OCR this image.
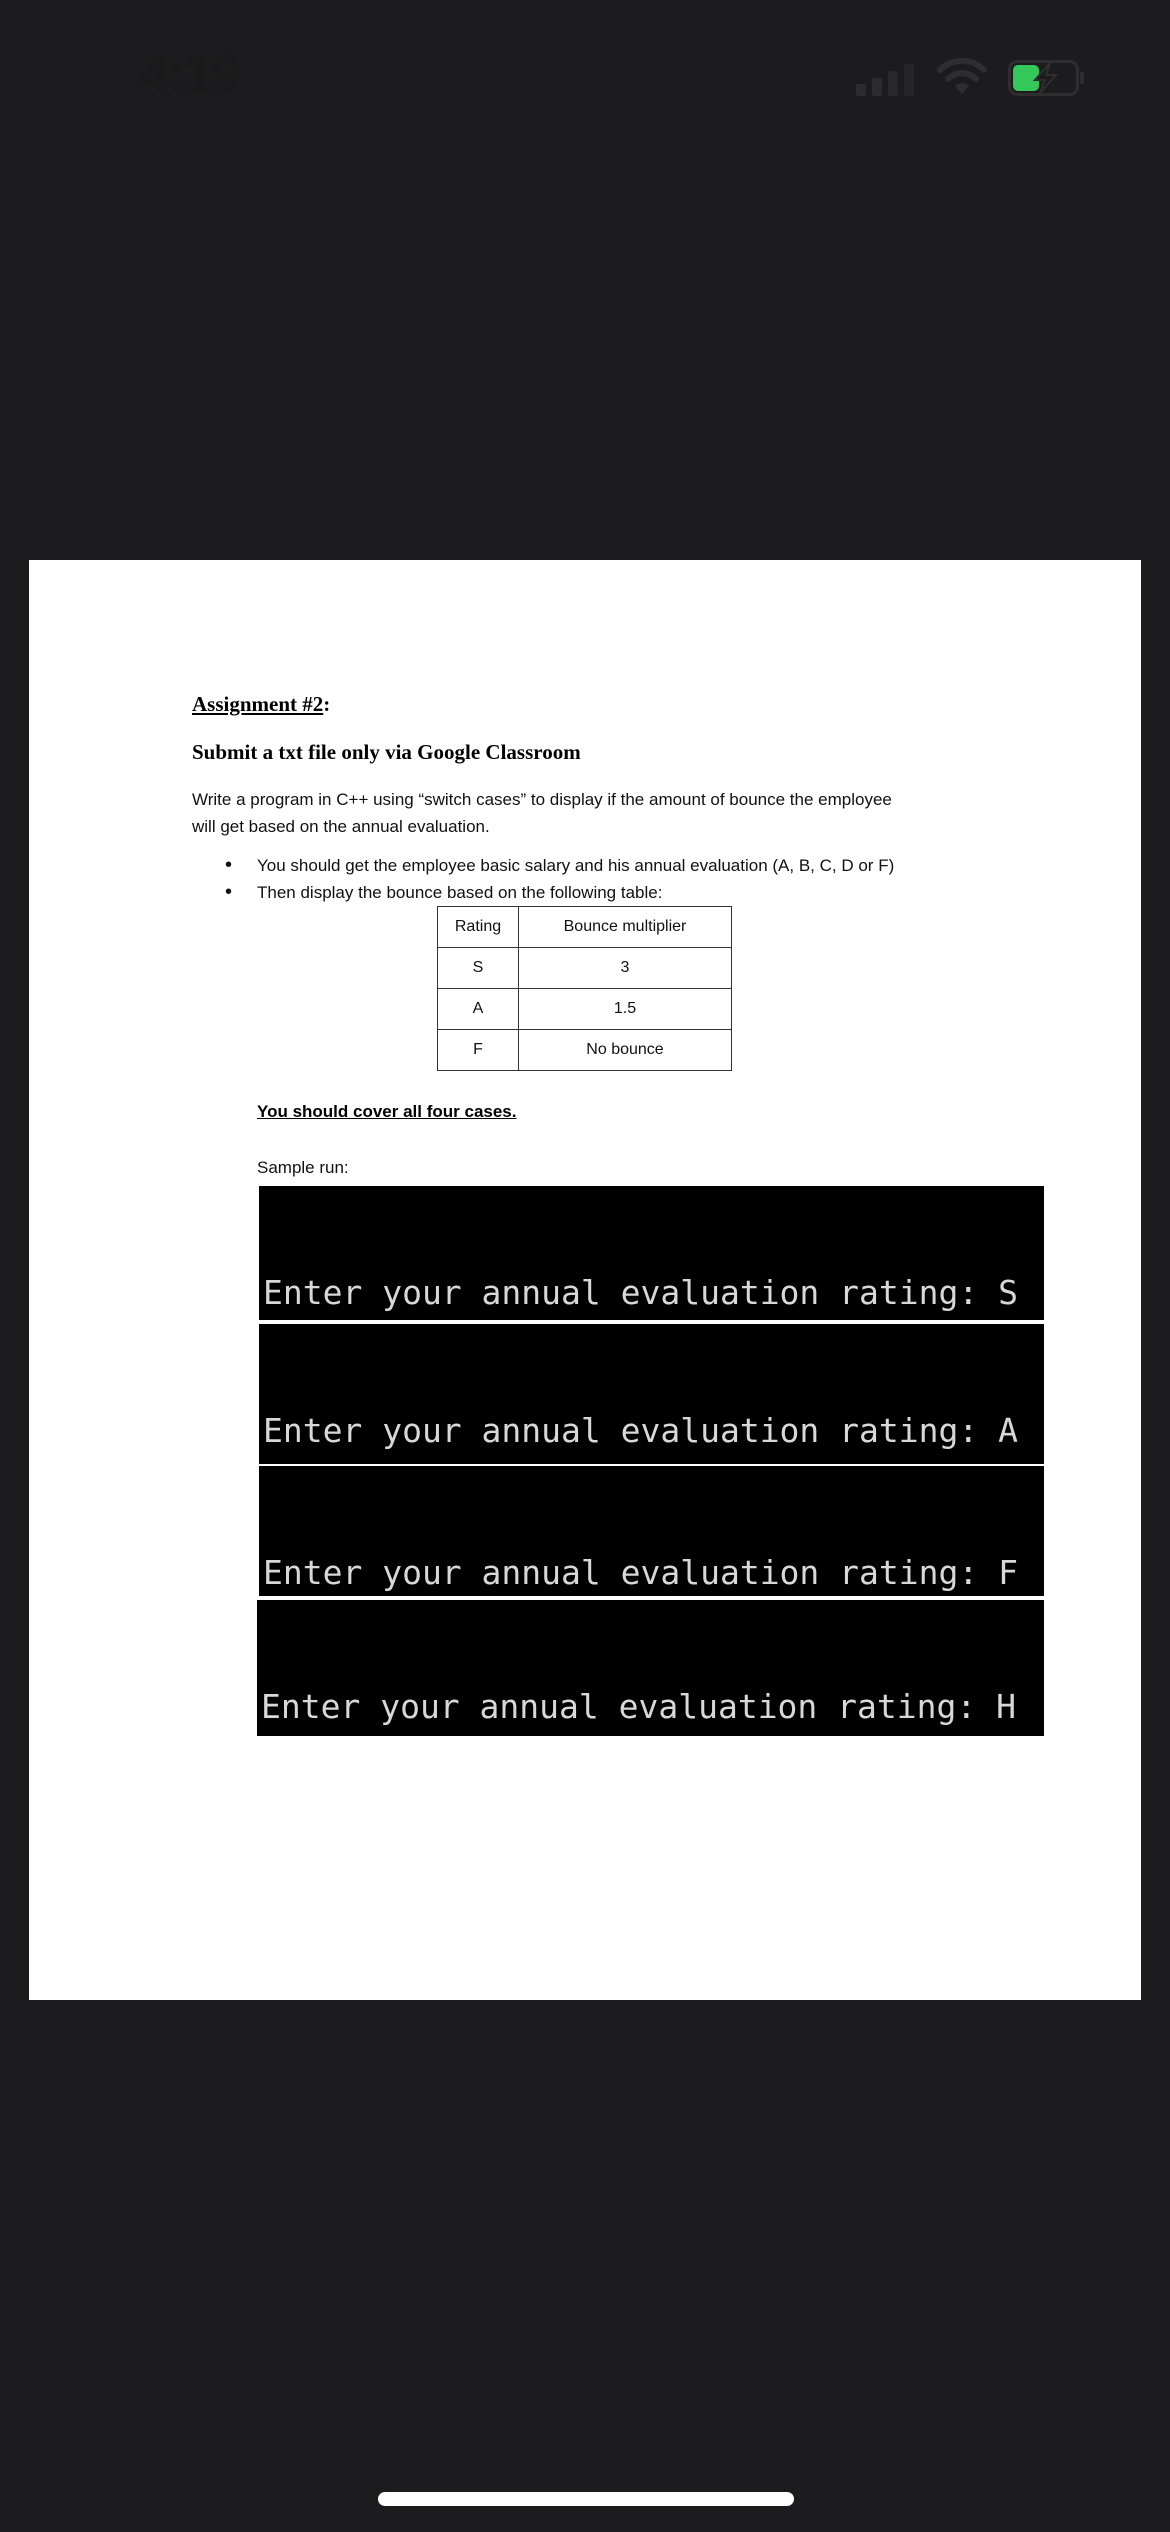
4:19
Assignment #2:
Submit a txt file only via Google Classroom
Write a program in C++ using “switch cases” to display if the amount of bounce the employee
will get based on the annual evaluation.
• You should get the employee basic salary and his annual evaluation (A, B, C, D or F)
• Then display the bounce based on the following table:
Rating	Bounce multiplier
S	3
A	1.5
F	No bounce
You should cover all four cases.
Sample run:

Enter your annual evaluation rating: S

Enter your annual evaluation rating: A

Enter your annual evaluation rating: F

Enter your annual evaluation rating: H
